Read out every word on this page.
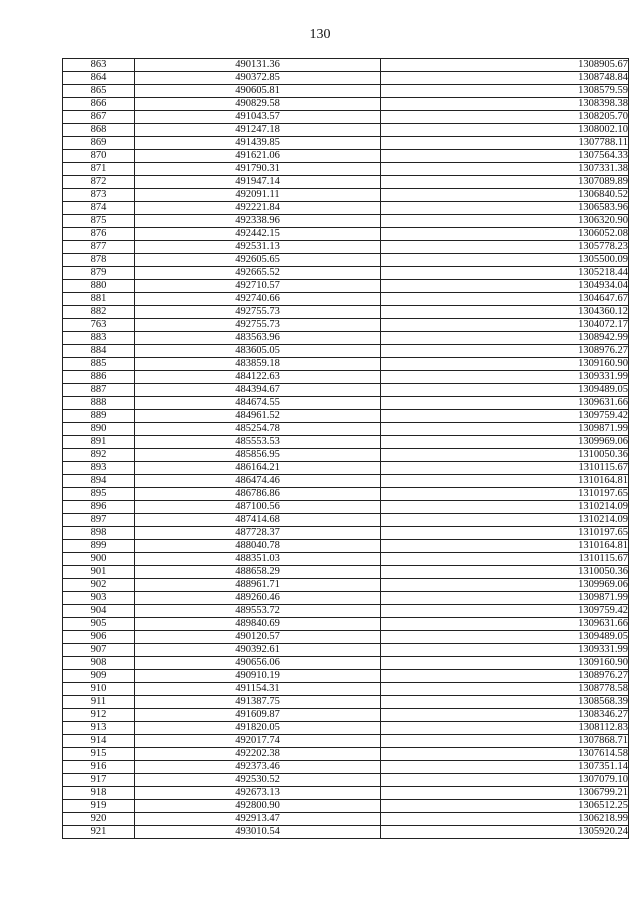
130
863	490131.36	1308905.67
864	490372.85	1308748.84
865	490605.81	1308579.59
866	490829.58	1308398.38
867	491043.57	1308205.70
868	491247.18	1308002.10
869	491439.85	1307788.11
870	491621.06	1307564.33
871	491790.31	1307331.38
872	491947.14	1307089.89
873	492091.11	1306840.52
874	492221.84	1306583.96
875	492338.96	1306320.90
876	492442.15	1306052.08
877	492531.13	1305778.23
878	492605.65	1305500.09
879	492665.52	1305218.44
880	492710.57	1304934.04
881	492740.66	1304647.67
882	492755.73	1304360.12
763	492755.73	1304072.17
883	483563.96	1308942.99
884	483605.05	1308976.27
885	483859.18	1309160.90
886	484122.63	1309331.99
887	484394.67	1309489.05
888	484674.55	1309631.66
889	484961.52	1309759.42
890	485254.78	1309871.99
891	485553.53	1309969.06
892	485856.95	1310050.36
893	486164.21	1310115.67
894	486474.46	1310164.81
895	486786.86	1310197.65
896	487100.56	1310214.09
897	487414.68	1310214.09
898	487728.37	1310197.65
899	488040.78	1310164.81
900	488351.03	1310115.67
901	488658.29	1310050.36
902	488961.71	1309969.06
903	489260.46	1309871.99
904	489553.72	1309759.42
905	489840.69	1309631.66
906	490120.57	1309489.05
907	490392.61	1309331.99
908	490656.06	1309160.90
909	490910.19	1308976.27
910	491154.31	1308778.58
911	491387.75	1308568.39
912	491609.87	1308346.27
913	491820.05	1308112.83
914	492017.74	1307868.71
915	492202.38	1307614.58
916	492373.46	1307351.14
917	492530.52	1307079.10
918	492673.13	1306799.21
919	492800.90	1306512.25
920	492913.47	1306218.99
921	493010.54	1305920.24
